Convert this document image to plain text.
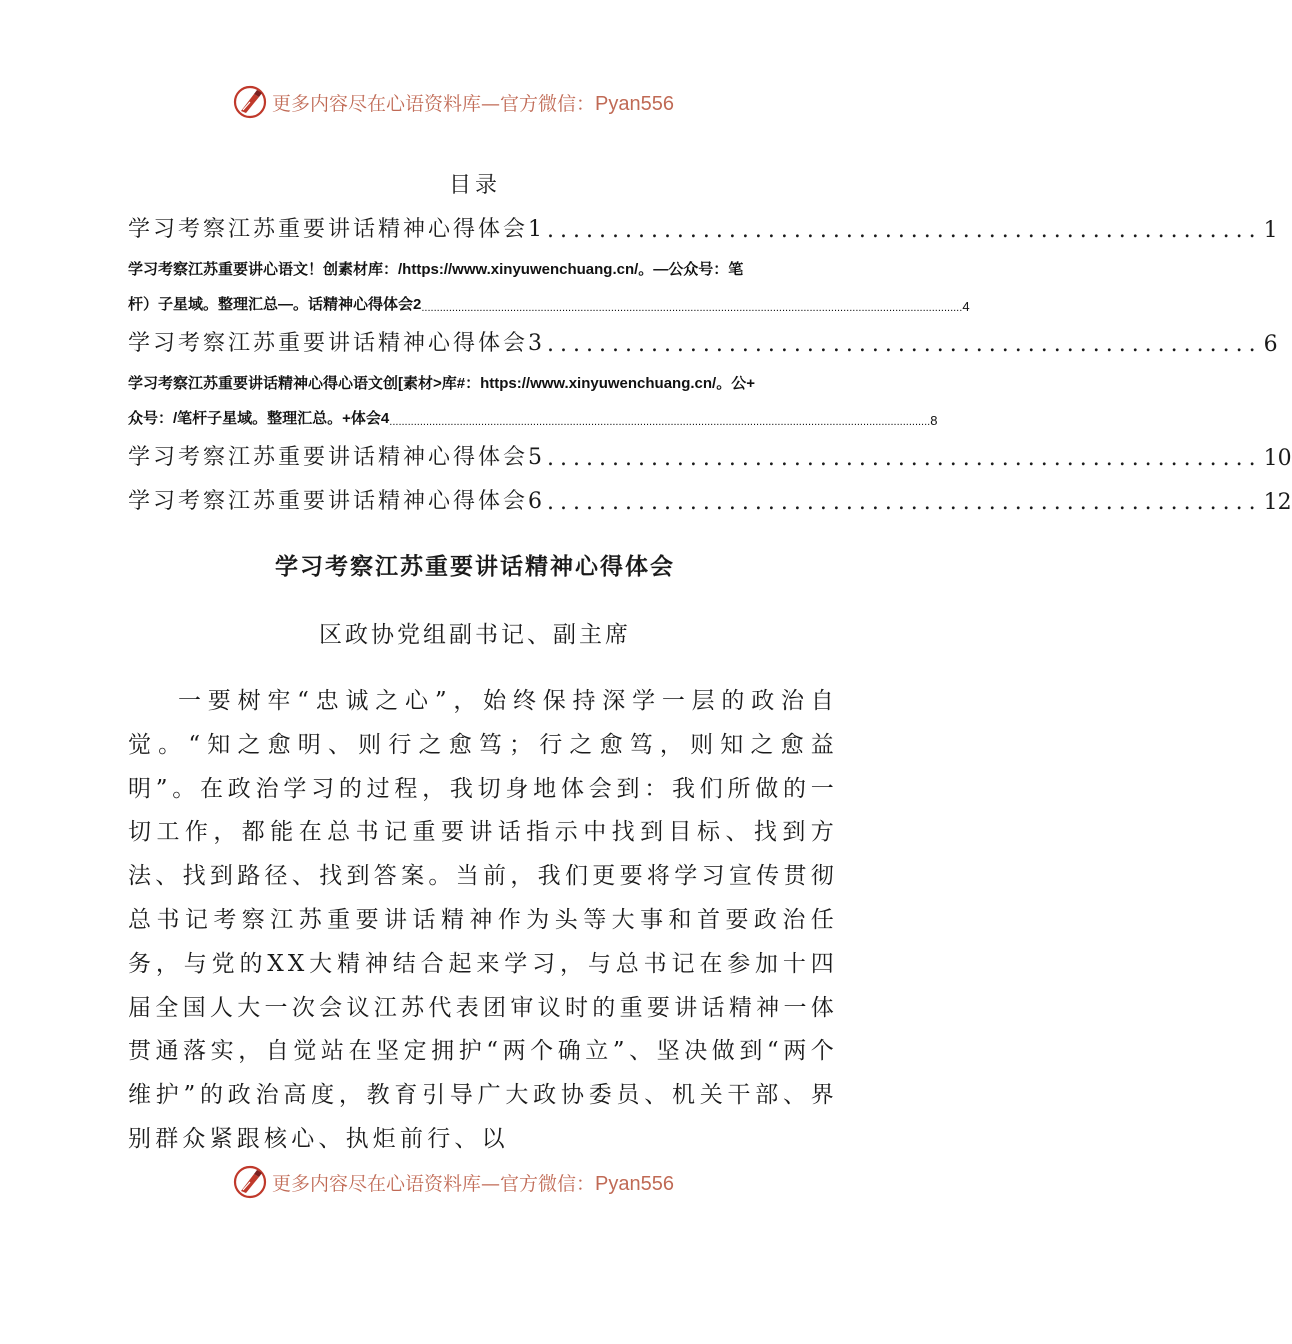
更多内容尽在心语资料库—官方微信：Pyan556
目录
学习考察江苏重要讲话精神心得体会1 ....................................................... 1
学习考察江苏重要讲心语文！创素材库：/https://www.xinyuwenchuang.cn/。—公众号：笔
杆）子星域。整理汇总—。话精神心得体会2 ................................................................................................................................................................................. 4
学习考察江苏重要讲话精神心得体会3 ....................................................... 6
学习考察江苏重要讲话精神心得心语文创[素材>库#：https://www.xinyuwenchuang.cn/。公+
众号：/笔杆子星域。整理汇总。+体会4 ................................................................................................................................................................................. 8
学习考察江苏重要讲话精神心得体会5 ....................................................... 10
学习考察江苏重要讲话精神心得体会6 ....................................................... 12
学习考察江苏重要讲话精神心得体会
区政协党组副书记、副主席

一要树牢“忠诚之心”，始终保持深学一层的政治自觉。“知之愈明、则行之愈笃；行之愈笃，则知之愈益明”。在政治学习的过程，我切身地体会到：我们所做的一切工作，都能在总书记重要讲话指示中找到目标、找到方法、找到路径、找到答案。当前，我们更要将学习宣传贯彻总书记考察江苏重要讲话精神作为头等大事和首要政治任务，与党的XX大精神结合起来学习，与总书记在参加十四届全国人大一次会议江苏代表团审议时的重要讲话精神一体贯通落实，自觉站在坚定拥护“两个确立”、坚决做到“两个维护”的政治高度，教育引导广大政协委员、机关干部、界别群众紧跟核心、执炬前行、以

更多内容尽在心语资料库—官方微信：Pyan556
